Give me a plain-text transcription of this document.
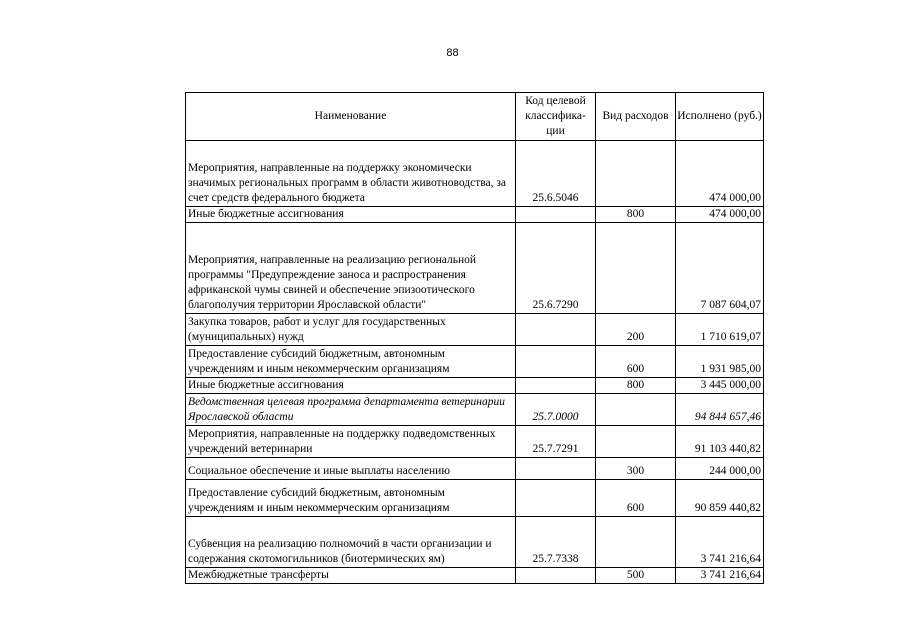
88
Наименование	Код целевой классифика-ции	Вид расходов	Исполнено (руб.)
Мероприятия, направленные на поддержку экономически значимых региональных программ в области животноводства, за счет средств федерального бюджета	25.6.5046		474 000,00
Иные бюджетные ассигнования		800	474 000,00
Мероприятия, направленные на реализацию региональной программы "Предупреждение заноса и распространения африканской чумы свиней и обеспечение эпизоотического благополучия территории Ярославской области"	25.6.7290		7 087 604,07
Закупка товаров, работ и услуг для государственных (муниципальных) нужд		200	1 710 619,07
Предоставление субсидий бюджетным, автономным учреждениям и иным некоммерческим организациям		600	1 931 985,00
Иные бюджетные ассигнования		800	3 445 000,00
Ведомственная целевая программа департамента ветеринарии Ярославской области	25.7.0000		94 844 657,46
Мероприятия, направленные на поддержку подведомственных учреждений ветеринарии	25.7.7291		91 103 440,82
Социальное обеспечение и иные выплаты населению		300	244 000,00
Предоставление субсидий бюджетным, автономным учреждениям и иным некоммерческим организациям		600	90 859 440,82
Субвенция на реализацию полномочий в части организации и содержания скотомогильников (биотермических ям)	25.7.7338		3 741 216,64
Межбюджетные трансферты		500	3 741 216,64
